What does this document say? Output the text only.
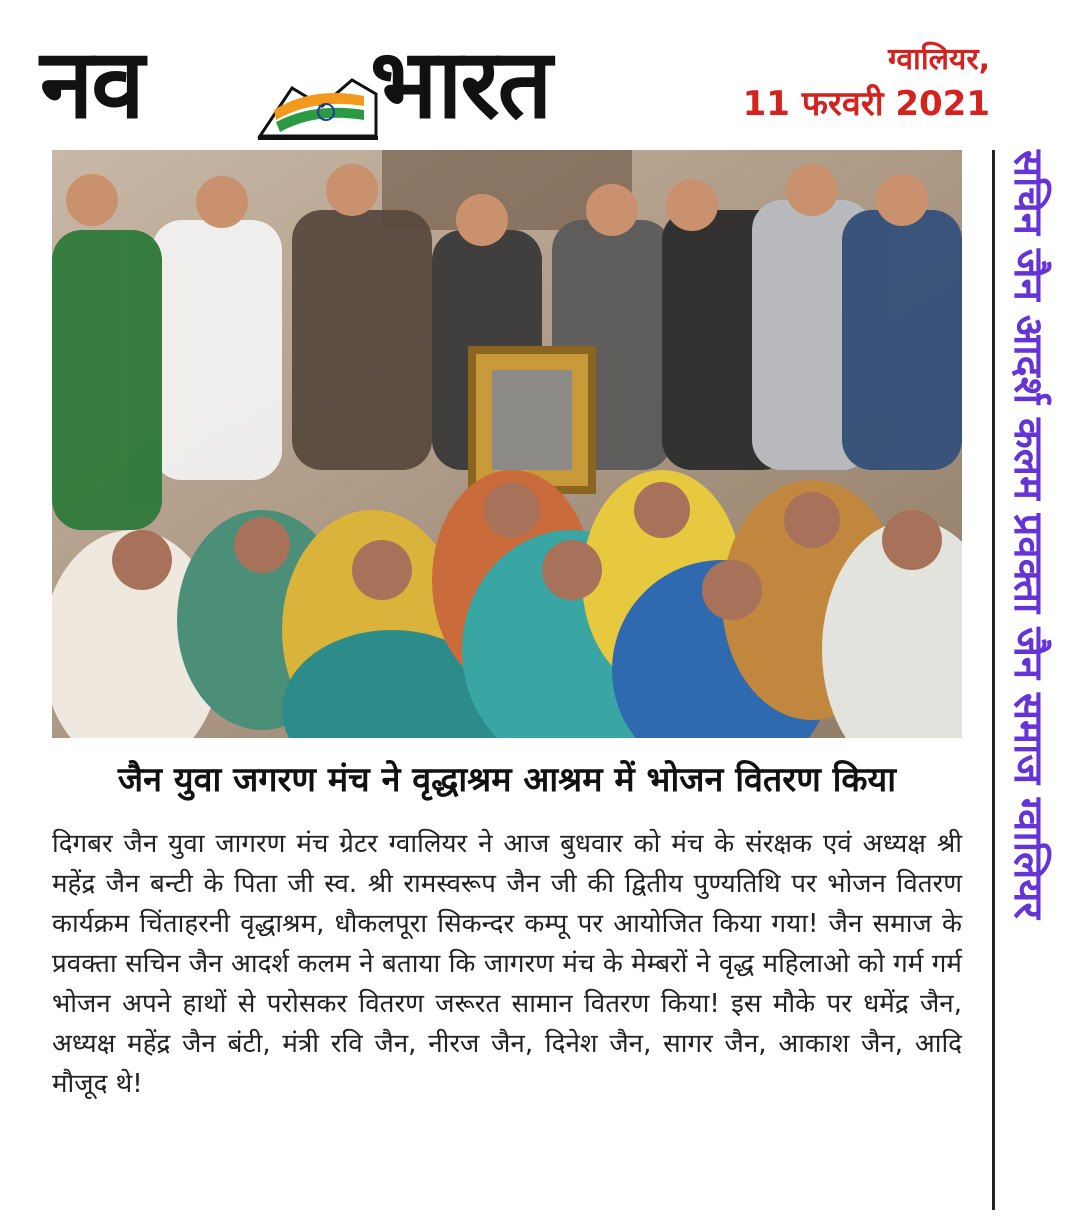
नव भारत	ग्वालियर,
11 फरवरी 2021
सचिन जैन आदर्श कलम प्रवक्ता जैन समाज ग्वालियर
जैन युवा जगरण मंच ने वृद्धाश्रम आश्रम में भोजन वितरण किया

दिगबर जैन युवा जागरण मंच ग्रेटर ग्वालियर ने आज बुधवार को मंच के संरक्षक एवं अध्यक्ष श्री महेंद्र जैन बन्टी के पिता जी स्व. श्री रामस्वरूप जैन जी की द्वितीय पुण्यतिथि पर भोजन वितरण कार्यक्रम चिंताहरनी वृद्धाश्रम, धौकलपूरा सिकन्दर कम्पू पर आयोजित किया गया! जैन समाज के प्रवक्ता सचिन जैन आदर्श कलम ने बताया कि जागरण मंच के मेम्बरों ने वृद्ध महिलाओ को गर्म गर्म भोजन अपने हाथों से परोसकर वितरण जरूरत सामान वितरण किया! इस मौके पर धमेंद्र जैन, अध्यक्ष महेंद्र जैन बंटी, मंत्री रवि जैन, नीरज जैन, दिनेश जैन, सागर जैन, आकाश जैन, आदि मौजूद थे!
